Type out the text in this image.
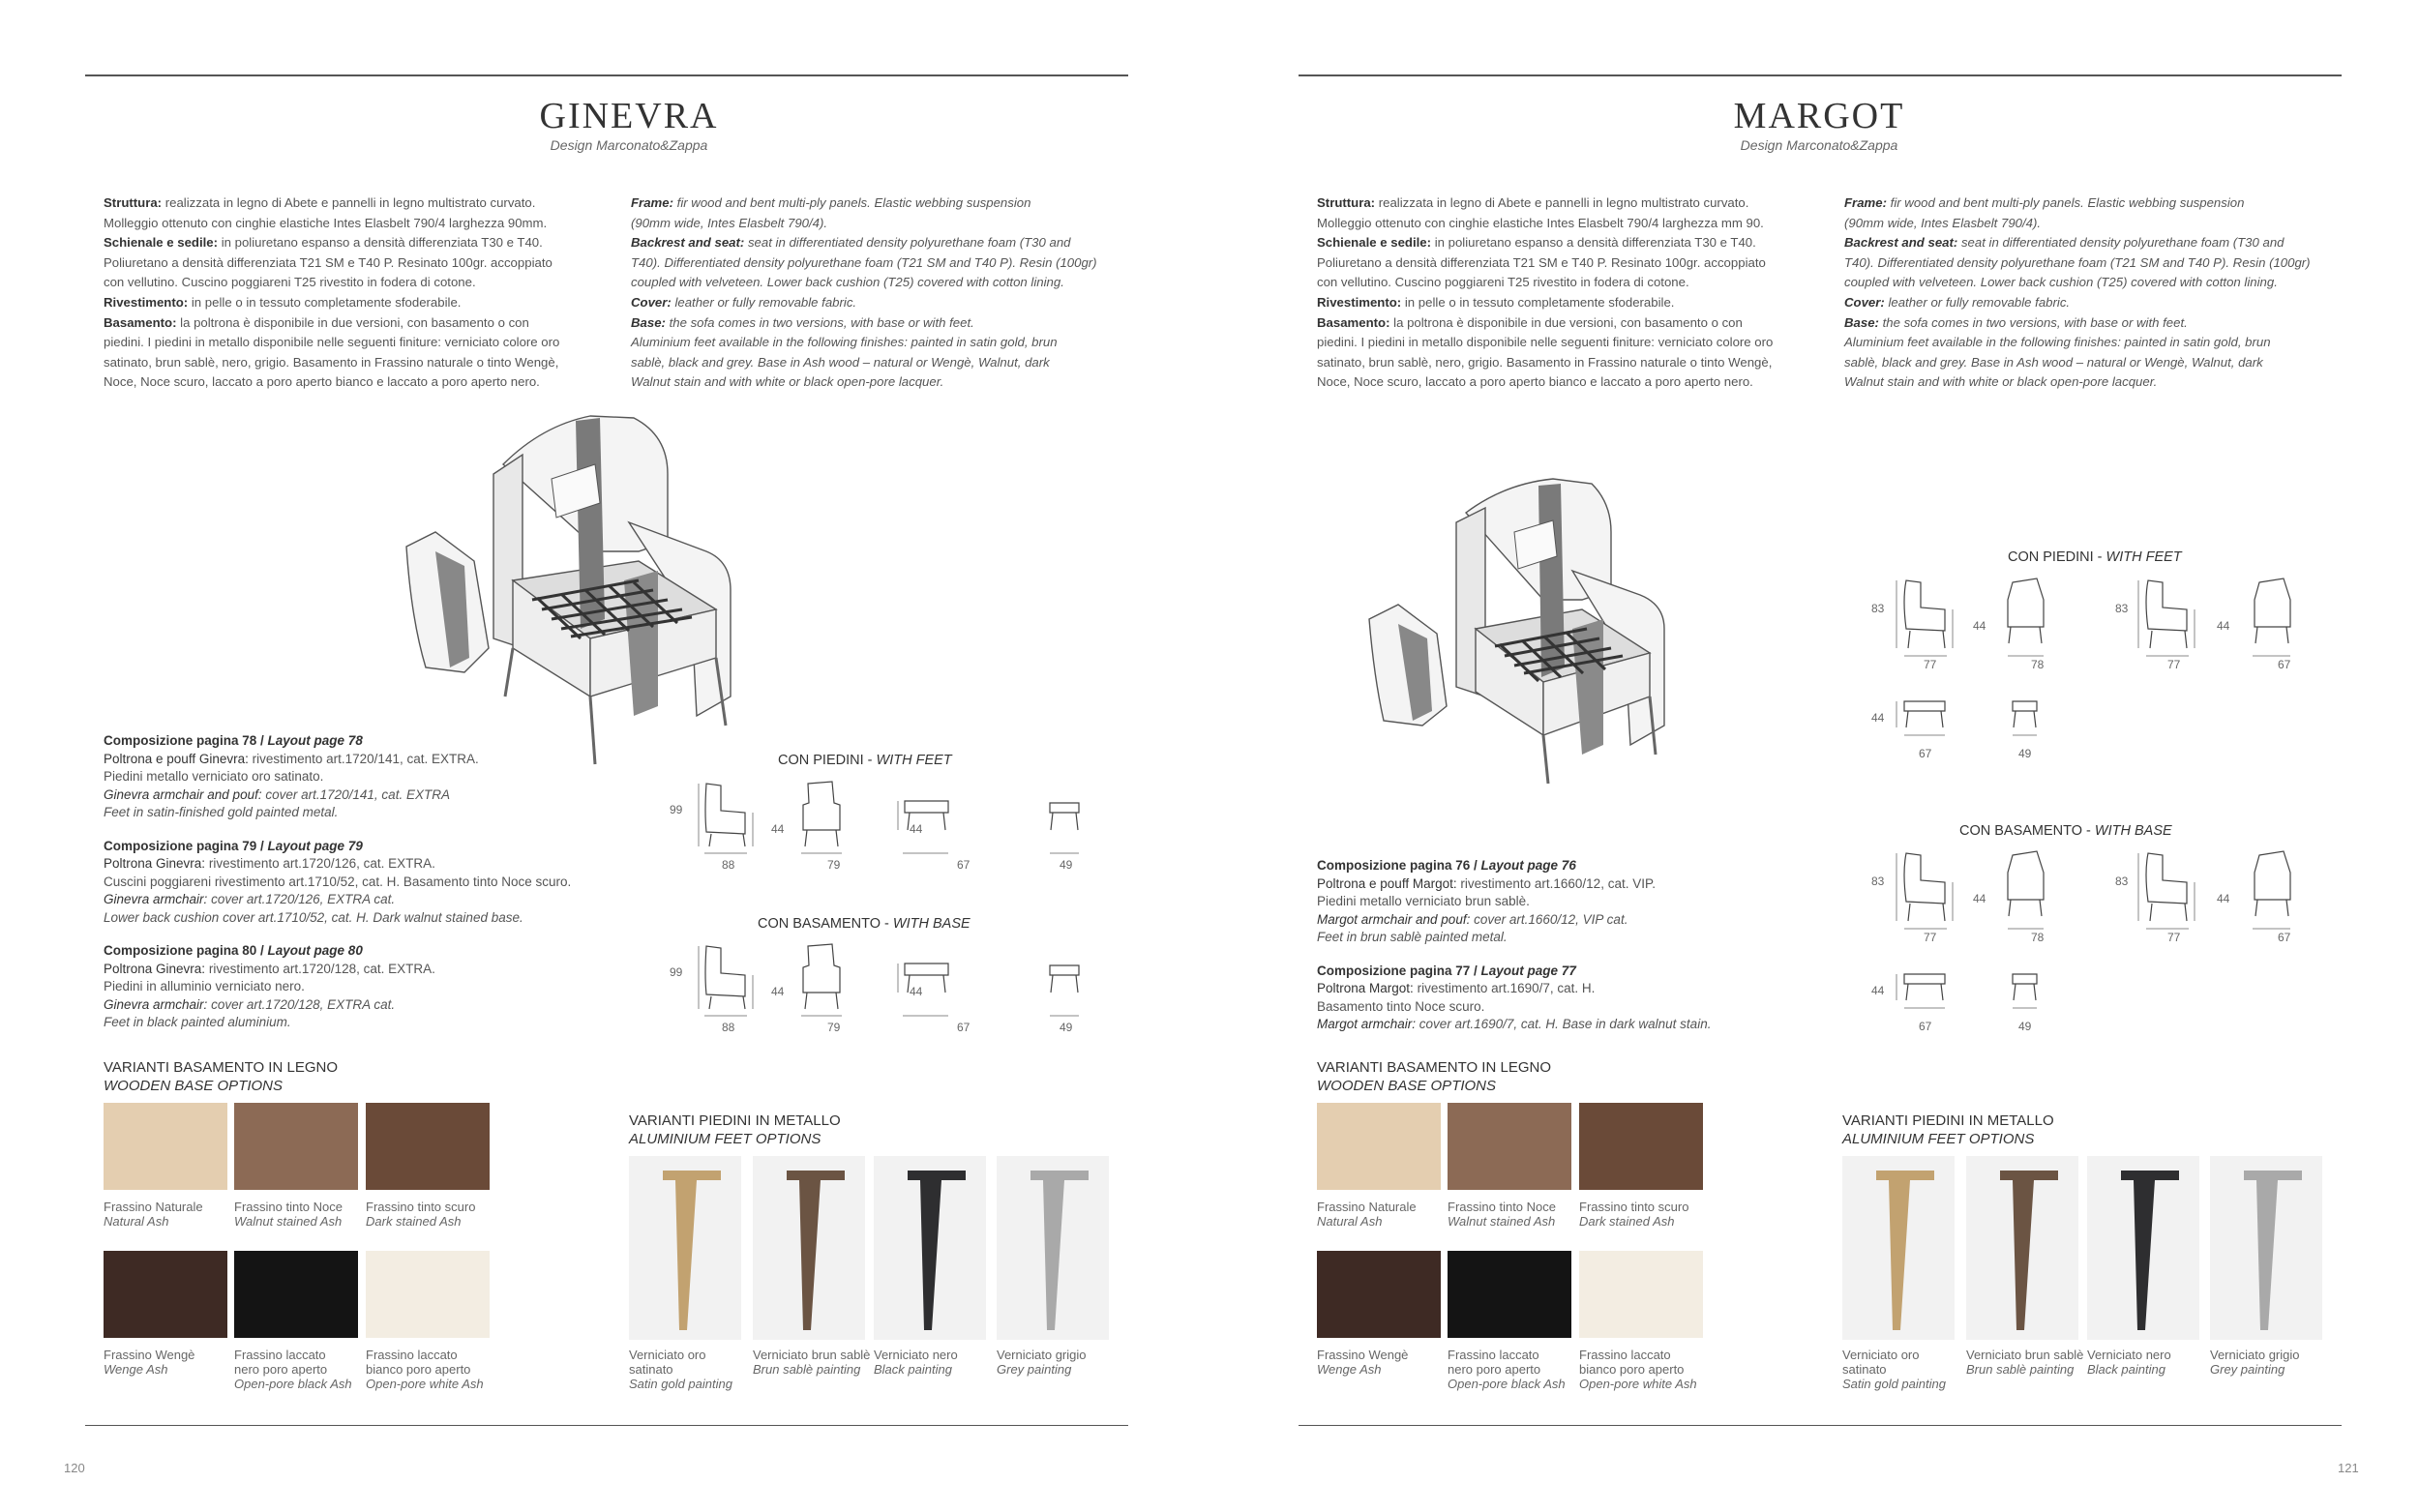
GINEVRA
Design Marconato&Zappa

Struttura: realizzata in legno di Abete e pannelli in legno multistrato curvato.

Molleggio ottenuto con cinghie elastiche Intes Elasbelt 790/4 larghezza 90mm.

Schienale e sedile: in poliuretano espanso a densità differenziata T30 e T40.

Poliuretano a densità differenziata T21 SM e T40 P. Resinato 100gr. accoppiato

con vellutino. Cuscino poggiareni T25 rivestito in fodera di cotone.

Rivestimento: in pelle o in tessuto completamente sfoderabile.

Basamento: la poltrona è disponibile in due versioni, con basamento o con

piedini. I piedini in metallo disponibile nelle seguenti finiture: verniciato colore oro

satinato, brun sablè, nero, grigio. Basamento in Frassino naturale o tinto Wengè,

Noce, Noce scuro, laccato a poro aperto bianco e laccato a poro aperto nero.

Frame: fir wood and bent multi-ply panels. Elastic webbing suspension

(90mm wide, Intes Elasbelt 790/4).

Backrest and seat: seat in differentiated density polyurethane foam (T30 and

T40). Differentiated density polyurethane foam (T21 SM and T40 P). Resin (100gr)

coupled with velveteen. Lower back cushion (T25) covered with cotton lining.

Cover: leather or fully removable fabric.

Base: the sofa comes in two versions, with base or with feet.

Aluminium feet available in the following finishes: painted in satin gold, brun

sablè, black and grey. Base in Ash wood – natural or Wengè, Walnut, dark

Walnut stain and with white or black open-pore lacquer.

Composizione pagina 78 / Layout page 78
Poltrona e pouff Ginevra: rivestimento art.1720/141, cat. EXTRA.
Piedini metallo verniciato oro satinato.
Ginevra armchair and pouf: cover art.1720/141, cat. EXTRA
Feet in satin-finished gold painted metal.
Composizione pagina 79 / Layout page 79
Poltrona Ginevra: rivestimento art.1720/126, cat. EXTRA.
Cuscini poggiareni rivestimento art.1710/52, cat. H. Basamento tinto Noce scuro.
Ginevra armchair: cover art.1720/126, EXTRA cat.
Lower back cushion cover art.1710/52, cat. H. Dark walnut stained base.
Composizione pagina 80 / Layout page 80
Poltrona Ginevra: rivestimento art.1720/128, cat. EXTRA.
Piedini in alluminio verniciato nero.
Ginevra armchair: cover art.1720/128, EXTRA cat.
Feet in black painted aluminium.
CON PIEDINI - WITH FEET
99
44
88	79
44
67	49
CON BASAMENTO - WITH BASE
99
44
88	79
44
67	49
VARIANTI BASAMENTO IN LEGNO
WOODEN BASE OPTIONS
Frassino Naturale
Natural Ash
Frassino tinto Noce
Walnut stained Ash
Frassino tinto scuro
Dark stained Ash
Frassino Wengè
Wenge Ash
Frassino laccato
nero poro aperto
Open-pore black Ash
Frassino laccato
bianco poro aperto
Open-pore white Ash
VARIANTI PIEDINI IN METALLO
ALUMINIUM FEET OPTIONS
Verniciato oro
satinato
Satin gold painting
Verniciato brun sablè
Brun sablè painting
Verniciato nero
Black painting
Verniciato grigio
Grey painting
120
MARGOT
Design Marconato&Zappa

Struttura: realizzata in legno di Abete e pannelli in legno multistrato curvato.

Molleggio ottenuto con cinghie elastiche Intes Elasbelt 790/4 larghezza mm 90.

Schienale e sedile: in poliuretano espanso a densità differenziata T30 e T40.

Poliuretano a densità differenziata T21 SM e T40 P. Resinato 100gr. accoppiato

con vellutino. Cuscino poggiareni T25 rivestito in fodera di cotone.

Rivestimento: in pelle o in tessuto completamente sfoderabile.

Basamento: la poltrona è disponibile in due versioni, con basamento o con

piedini. I piedini in metallo disponibile nelle seguenti finiture: verniciato colore oro

satinato, brun sablè, nero, grigio. Basamento in Frassino naturale o tinto Wengè,

Noce, Noce scuro, laccato a poro aperto bianco e laccato a poro aperto nero.

Frame: fir wood and bent multi-ply panels. Elastic webbing suspension

(90mm wide, Intes Elasbelt 790/4).

Backrest and seat: seat in differentiated density polyurethane foam (T30 and

T40). Differentiated density polyurethane foam (T21 SM and T40 P). Resin (100gr)

coupled with velveteen. Lower back cushion (T25) covered with cotton lining.

Cover: leather or fully removable fabric.

Base: the sofa comes in two versions, with base or with feet.

Aluminium feet available in the following finishes: painted in satin gold, brun

sablè, black and grey. Base in Ash wood – natural or Wengè, Walnut, dark

Walnut stain and with white or black open-pore lacquer.

Composizione pagina 76 / Layout page 76
Poltrona e pouff Margot: rivestimento art.1660/12, cat. VIP.
Piedini metallo verniciato brun sablè.
Margot armchair and pouf: cover art.1660/12, VIP cat.
Feet in brun sablè painted metal.
Composizione pagina 77 / Layout page 77
Poltrona Margot: rivestimento art.1690/7, cat. H.
Basamento tinto Noce scuro.
Margot armchair: cover art.1690/7, cat. H. Base in dark walnut stain.
CON PIEDINI - WITH FEET
83
44
77	78
83
44
77	67
44
67	49
CON BASAMENTO - WITH BASE
83
44
77	78
83
44
77	67
44
67	49
VARIANTI BASAMENTO IN LEGNO
WOODEN BASE OPTIONS
Frassino Naturale
Natural Ash
Frassino tinto Noce
Walnut stained Ash
Frassino tinto scuro
Dark stained Ash
Frassino Wengè
Wenge Ash
Frassino laccato
nero poro aperto
Open-pore black Ash
Frassino laccato
bianco poro aperto
Open-pore white Ash
VARIANTI PIEDINI IN METALLO
ALUMINIUM FEET OPTIONS
Verniciato oro
satinato
Satin gold painting
Verniciato brun sablè
Brun sablè painting
Verniciato nero
Black painting
Verniciato grigio
Grey painting
121
